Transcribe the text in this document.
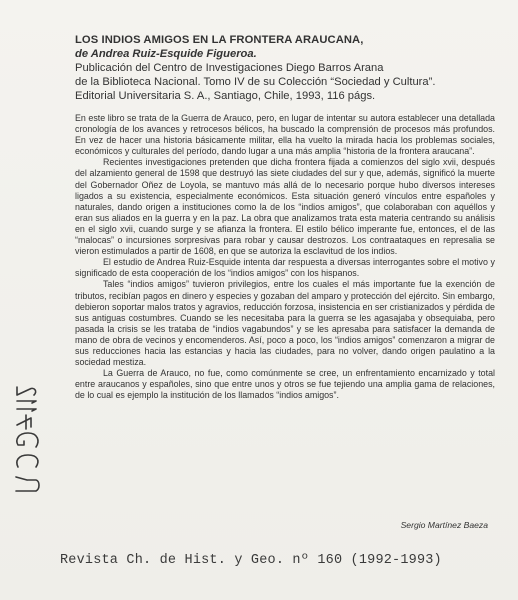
LOS INDIOS AMIGOS EN LA FRONTERA ARAUCANA,
de Andrea Ruiz-Esquide Figueroa.
Publicación del Centro de Investigaciones Diego Barros Arana
de la Biblioteca Nacional. Tomo IV de su Colección “Sociedad y Cultura”.
Editorial Universitaria S. A., Santiago, Chile, 1993, 116 págs.

En este libro se trata de la Guerra de Arauco, pero, en lugar de intentar su autora establecer una detallada cronología de los avances y retrocesos bélicos, ha buscado la comprensión de procesos más profundos. En vez de hacer una historia básicamente militar, ella ha vuelto la mirada hacia los problemas sociales, económicos y culturales del período, dando lugar a una más amplia “historia de la frontera araucana”.

Recientes investigaciones pretenden que dicha frontera fijada a comienzos del siglo xvii, después del alzamiento general de 1598 que destruyó las siete ciudades del sur y que, además, significó la muerte del Gobernador Oñez de Loyola, se mantuvo más allá de lo necesario porque hubo diversos intereses ligados a su existencia, especialmente económicos. Esta situación generó vínculos entre españoles y naturales, dando origen a instituciones como la de los “indios amigos”, que colaboraban con aquéllos y eran sus aliados en la guerra y en la paz. La obra que analizamos trata esta materia centrando su análisis en el siglo xvii, cuando surge y se afianza la frontera. El estilo bélico imperante fue, entonces, el de las “malocas” o incursiones sorpresivas para robar y causar destrozos. Los contraataques en represalia se vieron estimulados a partir de 1608, en que se autoriza la esclavitud de los indios.

El estudio de Andrea Ruiz-Esquide intenta dar respuesta a diversas interrogantes sobre el motivo y significado de esta cooperación de los “indios amigos” con los hispanos.

Tales “indios amigos” tuvieron privilegios, entre los cuales el más importante fue la exención de tributos, recibían pagos en dinero y especies y gozaban del amparo y protección del ejército. Sin embargo, debieron soportar malos tratos y agravios, reducción forzosa, insistencia en ser cristianizados y pérdida de sus antiguas costumbres. Cuando se les necesitaba para la guerra se les agasajaba y obsequiaba, pero pasada la crisis se les trataba de “indios vagabundos” y se les apresaba para satisfacer la demanda de mano de obra de vecinos y encomenderos. Así, poco a poco, los “indios amigos” comenzaron a migrar de sus reducciones hacia las estancias y hacia las ciudades, para no volver, dando origen paulatino a la sociedad mestiza.

La Guerra de Arauco, no fue, como comúnmente se cree, un enfrentamiento encarnizado y total entre araucanos y españoles, sino que entre unos y otros se fue tejiendo una amplia gama de relaciones, de lo cual es ejemplo la institución de los llamados “indios amigos”.

Sergio Martínez Baeza
Revista Ch. de Hist. y Geo. nº 160 (1992-1993)
